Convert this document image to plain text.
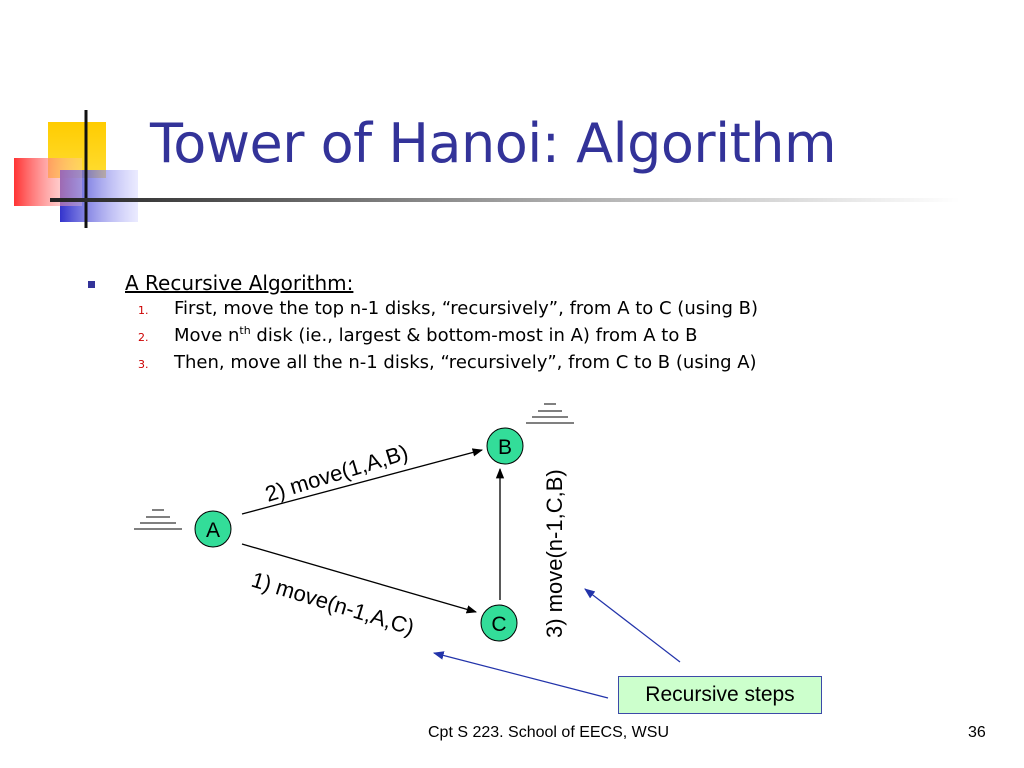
Tower of Hanoi: Algorithm
A Recursive Algorithm:
1. First, move the top n-1 disks, “recursively”, from A to C (using B)
2. Move $n^{th}$ disk (ie., largest & bottom-most in A) from A to B
3. Then, move all the n-1 disks, “recursively”, from C to B (using A)
A
B
C
2) move(1,A,B)
1) move(n-1,A,C)	3) move(n-1,C,B)
Recursive steps
Cpt S 223. School of EECS, WSU	36
